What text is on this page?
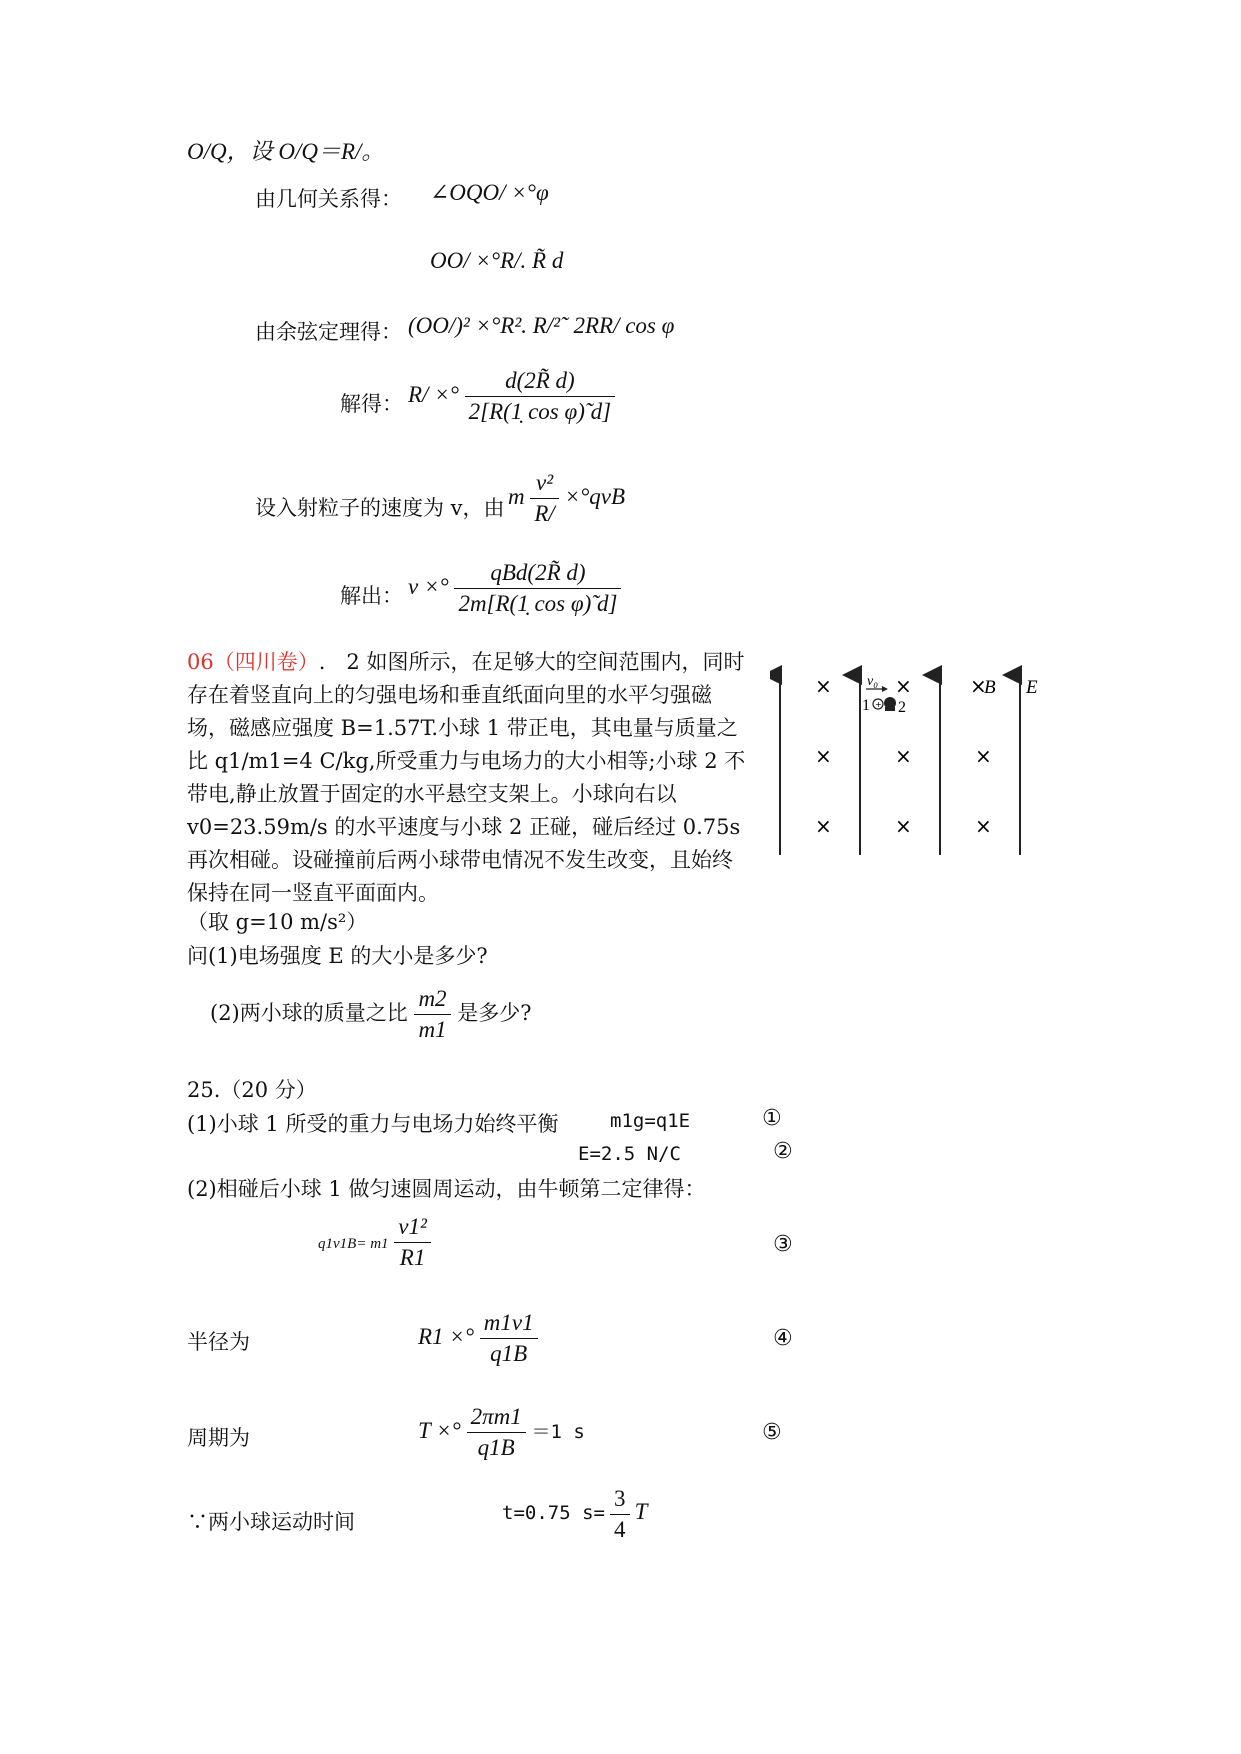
O/Q，设 O/Q＝R/。
由几何关系得： ∠OQO/ ×°φ
OO/ ×°R/. R̃ d
由余弦定理得： (OO/)² ×°R². R/²˜ 2RR/ cos φ
解得： R/ ×° $\frac{d(2R̃ d)}{\text{2[R(1̣ cos φ)̃ d]}}$
设入射粒子的速度为 v，由 m $\frac{\text{v²}}{R/} \times^\circ qvB$
解出： v ×° $\frac{\text{qBd(2R̃ d)}}{\text{2m[R(1̣ cos φ)̃ d]}}$
06（四川卷）.　2 如图所示，在足够大的空间范围内，同时存在着竖直向上的匀强电场和垂直纸面向里的水平匀强磁场，磁感应强度 B=1.57T.小球 1 带正电，其电量与质量之比 q1/m1=4 C/kg,所受重力与电场力的大小相等;小球 2 不带电,静止放置于固定的水平悬空支架上。小球向右以 v0=23.59m/s 的水平速度与小球 2 正碰，碰后经过 0.75s 再次相碰。设碰撞前后两小球带电情况不发生改变，且始终保持在同一竖直平面面内。
（取 g=10 m/s²）
问(1)电场强度 E 的大小是多少?
(2)两小球的质量之比 $\frac{m2}{m1}$ 是多少?
×	×	×
×	×	×
×	×	×
B E
v₀
1 + 2
25.（20 分）
(1)小球 1 所受的重力与电场力始终平衡	m1g=q1E	①
E=2.5 N/C	②
(2)相碰后小球 1 做匀速圆周运动，由牛顿第二定律得：
$q1v1B= m1 \frac{\text{v1²}}{R1}$	③
半径为	R1 ×° $\frac{m1v1}{q1B}$	④
周期为	T ×° $\frac{2\pi m1}{q1B} =1$ s	⑤
∵两小球运动时间	t=0.75 $s= \frac{3}{4}$ T
